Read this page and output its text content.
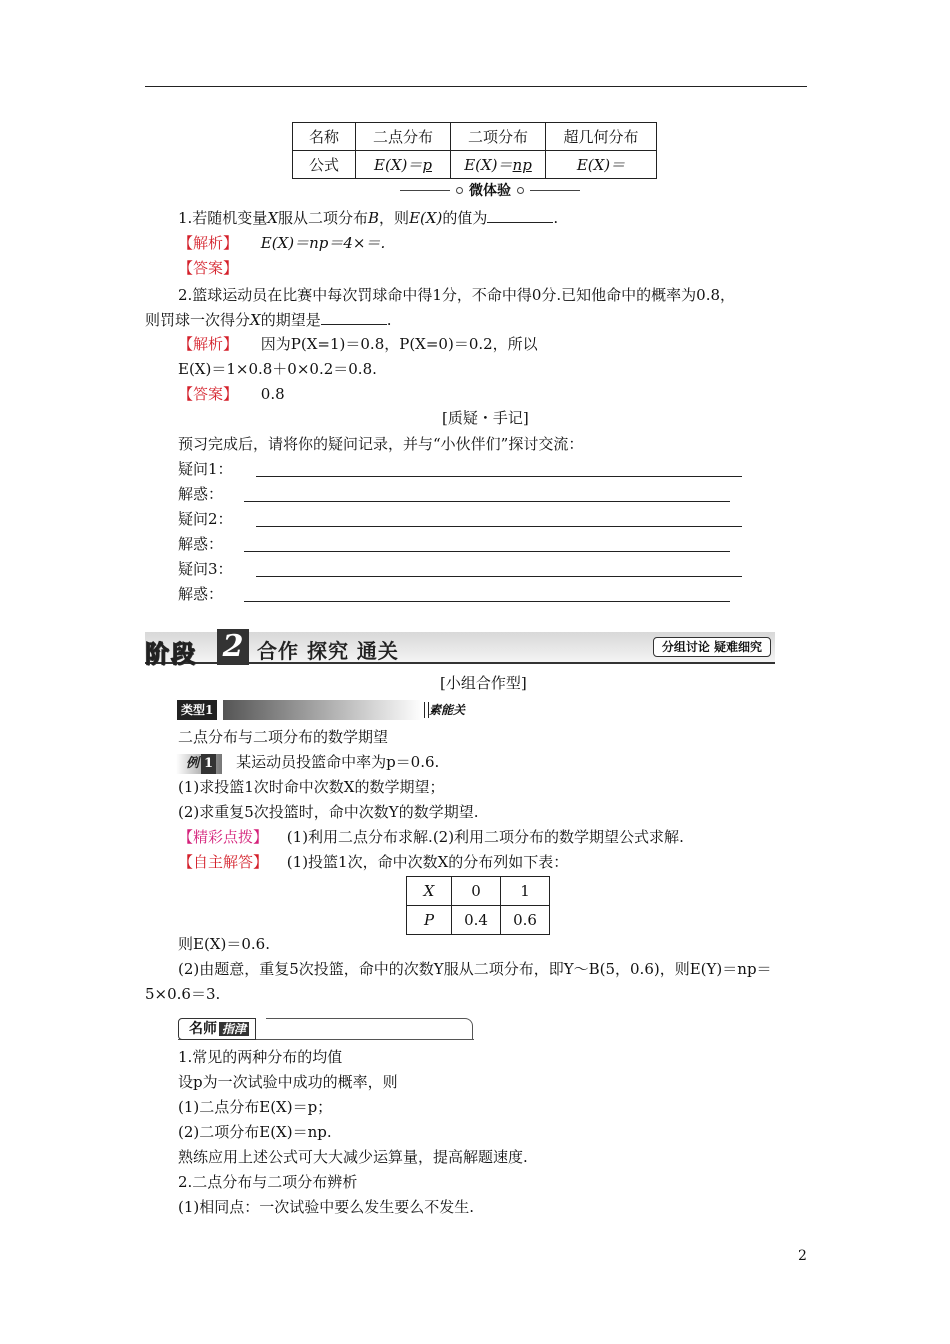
名称	二点分布	二项分布	超几何分布
公式	E(X)＝p	E(X)＝np	E(X)＝
微体验
1.若随机变量X服从二项分布B，则E(X)的值为	.
【解析】 E(X)＝np＝4×＝.
【答案】
2.篮球运动员在比赛中每次罚球命中得1分，不命中得0分.已知他命中的概率为0.8，
则罚球一次得分X的期望是	.
【解析】 因为P(X=1)＝0.8，P(X=0)＝0.2，所以
E(X)＝1×0.8＋0×0.2＝0.8.
【答案】 0.8
[质疑・手记]
预习完成后，请将你的疑问记录，并与“小伙伴们”探讨交流：
疑问1：
解惑：
疑问2：
解惑：
疑问3：
解惑：
阶段 2 合作 探究 通关	分组讨论 疑难细究
[小组合作型]
类型1	素能关
二点分布与二项分布的数学期望
例 1 某运动员投篮命中率为p＝0.6.
(1)求投篮1次时命中次数X的数学期望；
(2)求重复5次投篮时，命中次数Y的数学期望.
【精彩点拨】 (1)利用二点分布求解.(2)利用二项分布的数学期望公式求解.
【自主解答】 (1)投篮1次，命中次数X的分布列如下表：
X	0	1
P	0.4	0.6
则E(X)＝0.6.
(2)由题意，重复5次投篮，命中的次数Y服从二项分布，即Y～B(5，0.6)，则E(Y)＝np＝
5×0.6＝3.
名师 指津
1.常见的两种分布的均值
设p为一次试验中成功的概率，则
(1)二点分布E(X)＝p；
(2)二项分布E(X)＝np.
熟练应用上述公式可大大减少运算量，提高解题速度.
2.二点分布与二项分布辨析
(1)相同点：一次试验中要么发生要么不发生.
2
